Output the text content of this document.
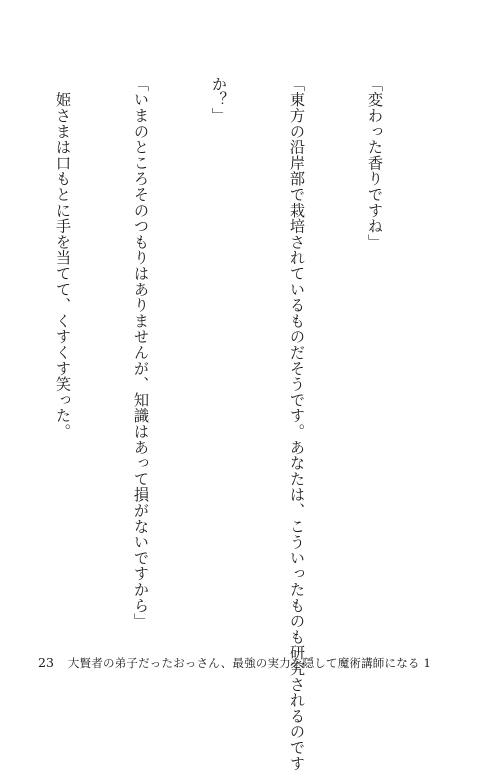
「変わった香りですね」

「東方の沿岸部で栽培されているものだそうです。あなたは、こういったものも研究されるのです

か？」

「いまのところそのつもりはありませんが、知識はあって損がないですから」

　姫さまは口もとに手を当てて、くすくす笑った。

23 大賢者の弟子だったおっさん、最強の実力を隠して魔術講師になる 1
